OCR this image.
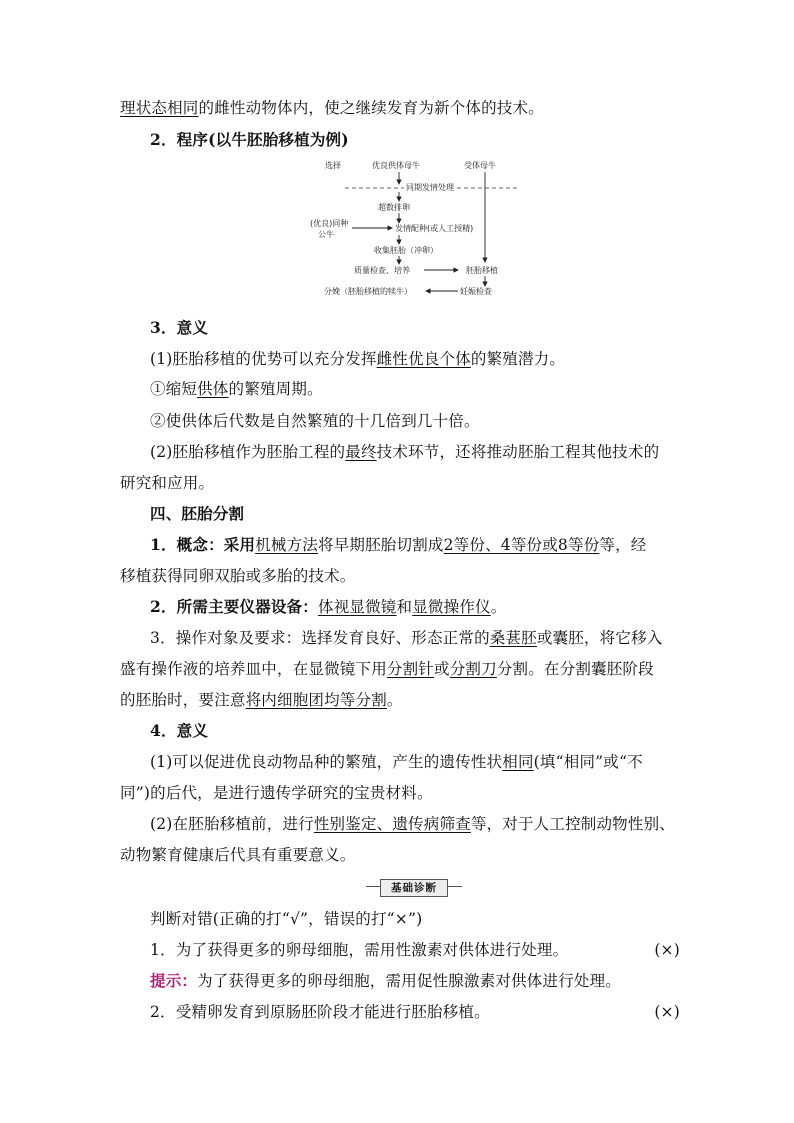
理状态相同的雌性动物体内，使之继续发育为新个体的技术。
2．程序(以牛胚胎移植为例)
选择	优良供体母牛	受体母牛
同期发情处理
超数排卵
(优良)同种
公牛
发情配种(或人工授精)
收集胚胎（冲卵）
质量检查、培养	胚胎移植
分娩（胚胎移植的犊牛）	妊娠检查
3．意义
(1)胚胎移植的优势可以充分发挥雌性优良个体的繁殖潜力。
①缩短供体的繁殖周期。
②使供体后代数是自然繁殖的十几倍到几十倍。
(2)胚胎移植作为胚胎工程的最终技术环节，还将推动胚胎工程其他技术的
研究和应用。
四、胚胎分割
1．概念：采用机械方法将早期胚胎切割成2等份、4等份或8等份等，经
移植获得同卵双胎或多胎的技术。
2．所需主要仪器设备：体视显微镜和显微操作仪。
3．操作对象及要求：选择发育良好、形态正常的桑葚胚或囊胚，将它移入
盛有操作液的培养皿中，在显微镜下用分割针或分割刀分割。在分割囊胚阶段
的胚胎时，要注意将内细胞团均等分割。
4．意义
(1)可以促进优良动物品种的繁殖，产生的遗传性状相同(填“相同”或“不
同”)的后代，是进行遗传学研究的宝贵材料。
(2)在胚胎移植前，进行性别鉴定、遗传病筛查等，对于人工控制动物性别、
动物繁育健康后代具有重要意义。
基础诊断
判断对错(正确的打“√”，错误的打“×”)
1．为了获得更多的卵母细胞，需用性激素对供体进行处理。	(×)
提示：为了获得更多的卵母细胞，需用促性腺激素对供体进行处理。
2．受精卵发育到原肠胚阶段才能进行胚胎移植。	(×)
